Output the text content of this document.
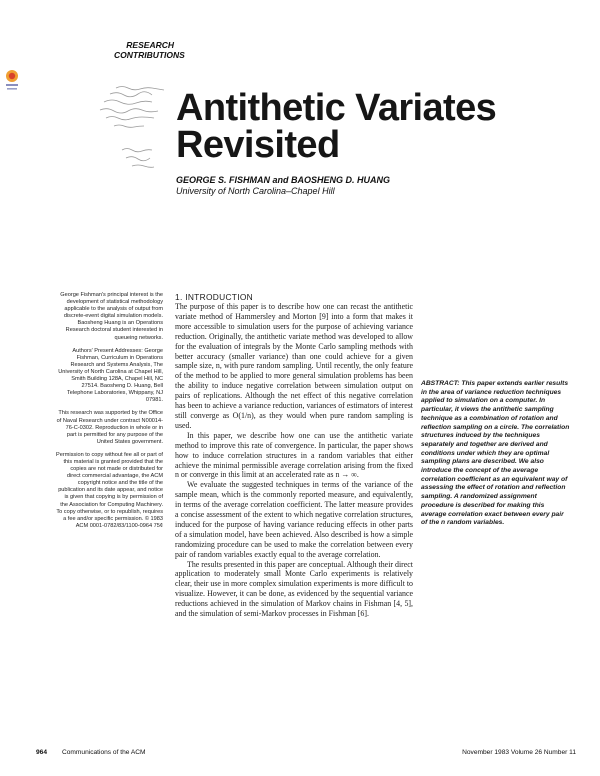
RESEARCH
CONTRIBUTIONS
Antithetic Variates
Revisited
GEORGE S. FISHMAN and BAOSHENG D. HUANG
University of North Carolina–Chapel Hill

George Fishman's principal interest is the development of statistical methodology applicable to the analysis of output from discrete-event digital simulation models. Baosheng Huang is an Operations Research doctoral student interested in queueing networks.

Authors' Present Addresses: George Fishman, Curriculum in Operations Research and Systems Analysis, The University of North Carolina at Chapel Hill, Smith Building 128A, Chapel Hill, NC 27514. Baosheng D. Huang, Bell Telephone Laboratories, Whippany, NJ 07981.

This research was supported by the Office of Naval Research under contract N00014-76-C-0302. Reproduction in whole or in part is permitted for any purpose of the United States government.

Permission to copy without fee all or part of this material is granted provided that the copies are not made or distributed for direct commercial advantage, the ACM copyright notice and the title of the publication and its date appear, and notice is given that copying is by permission of the Association for Computing Machinery. To copy otherwise, or to republish, requires a fee and/or specific permission. © 1983 ACM 0001-0782/83/1100-0964 75¢

1. INTRODUCTION

The purpose of this paper is to describe how one can recast the antithetic variate method of Hammersley and Morton [9] into a form that makes it more accessible to simulation users for the purpose of achieving variance reduction. Originally, the antithetic variate method was developed to allow for the evaluation of integrals by the Monte Carlo sampling methods with better accuracy (smaller variance) than one could achieve for a given sample size, n, with pure random sampling. Until recently, the only feature of the method to be applied to more general simulation problems has been the ability to induce negative correlation between simulation output on pairs of replications. Although the net effect of this negative correlation has been to achieve a variance reduction, variances of estimators of interest still converge as O(1/n), as they would when pure random sampling is used.

In this paper, we describe how one can use the antithetic variate method to improve this rate of convergence. In particular, the paper shows how to induce correlation structures in a random variables that either achieve the minimal permissible average correlation arising from the fixed n or converge in this limit at an accelerated rate as n → ∞.

We evaluate the suggested techniques in terms of the variance of the sample mean, which is the commonly reported measure, and equivalently, in terms of the average correlation coefficient. The latter measure provides a concise assessment of the extent to which negative correlation structures, induced for the purpose of having variance reducing effects in other parts of a simulation model, have been achieved. Also described is how a simple randomizing procedure can be used to make the correlation between every pair of random variables exactly equal to the average correlation.

The results presented in this paper are conceptual. Although their direct application to moderately small Monte Carlo experiments is relatively clear, their use in more complex simulation experiments is more difficult to visualize. However, it can be done, as evidenced by the sequential variance reductions achieved in the simulation of Markov chains in Fishman [4, 5], and the simulation of semi-Markov processes in Fishman [6].

ABSTRACT: This paper extends earlier results in the area of variance reduction techniques applied to simulation on a computer. In particular, it views the antithetic sampling technique as a combination of rotation and reflection sampling on a circle. The correlation structures induced by the techniques separately and together are derived and conditions under which they are optimal sampling plans are described. We also introduce the concept of the average correlation coefficient as an equivalent way of assessing the effect of rotation and reflection sampling. A randomized assignment procedure is described for making this average correlation exact between every pair of the n random variables.
964 Communications of the ACM	November 1983 Volume 26 Number 11
